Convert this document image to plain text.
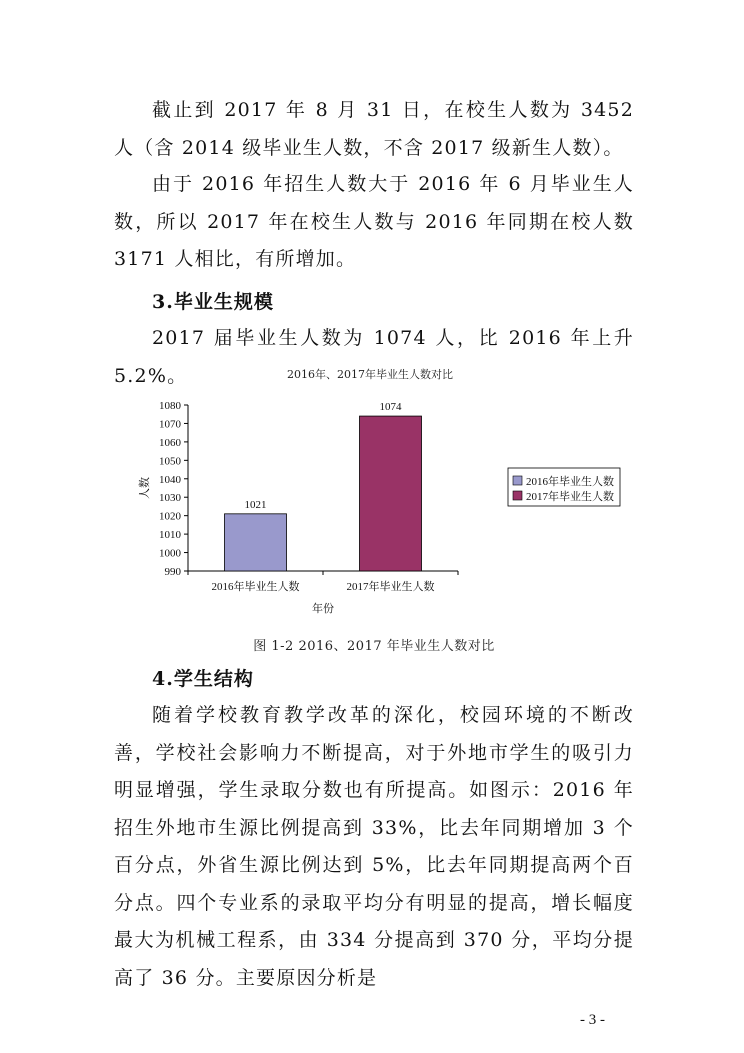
截止到 2017 年 8 月 31 日，在校生人数为 3452 人（含 2014 级毕业生人数，不含 2017 级新生人数）。

由于 2016 年招生人数大于 2016 年 6 月毕业生人数，所以 2017 年在校生人数与 2016 年同期在校人数 3171 人相比，有所增加。

3.毕业生规模

2017 届毕业生人数为 1074 人，比 2016 年上升 5.2%。	2016年、2017年毕业生人数对比
990
1000
1010
1020
1030
1040
1050
1060
1070
1080
1021
2016年毕业生人数
1074
2017年毕业生人数
年份
人数	2016年毕业生人数
2017年毕业生人数
图 1-2 2016、2017 年毕业生人数对比

4.学生结构

随着学校教育教学改革的深化，校园环境的不断改善，学校社会影响力不断提高，对于外地市学生的吸引力明显增强，学生录取分数也有所提高。如图示：2016 年招生外地市生源比例提高到 33%，比去年同期增加 3 个百分点，外省生源比例达到 5%，比去年同期提高两个百分点。四个专业系的录取平均分有明显的提高，增长幅度最大为机械工程系，由 334 分提高到 370 分，平均分提高了 36 分。主要原因分析是

- 3 -
